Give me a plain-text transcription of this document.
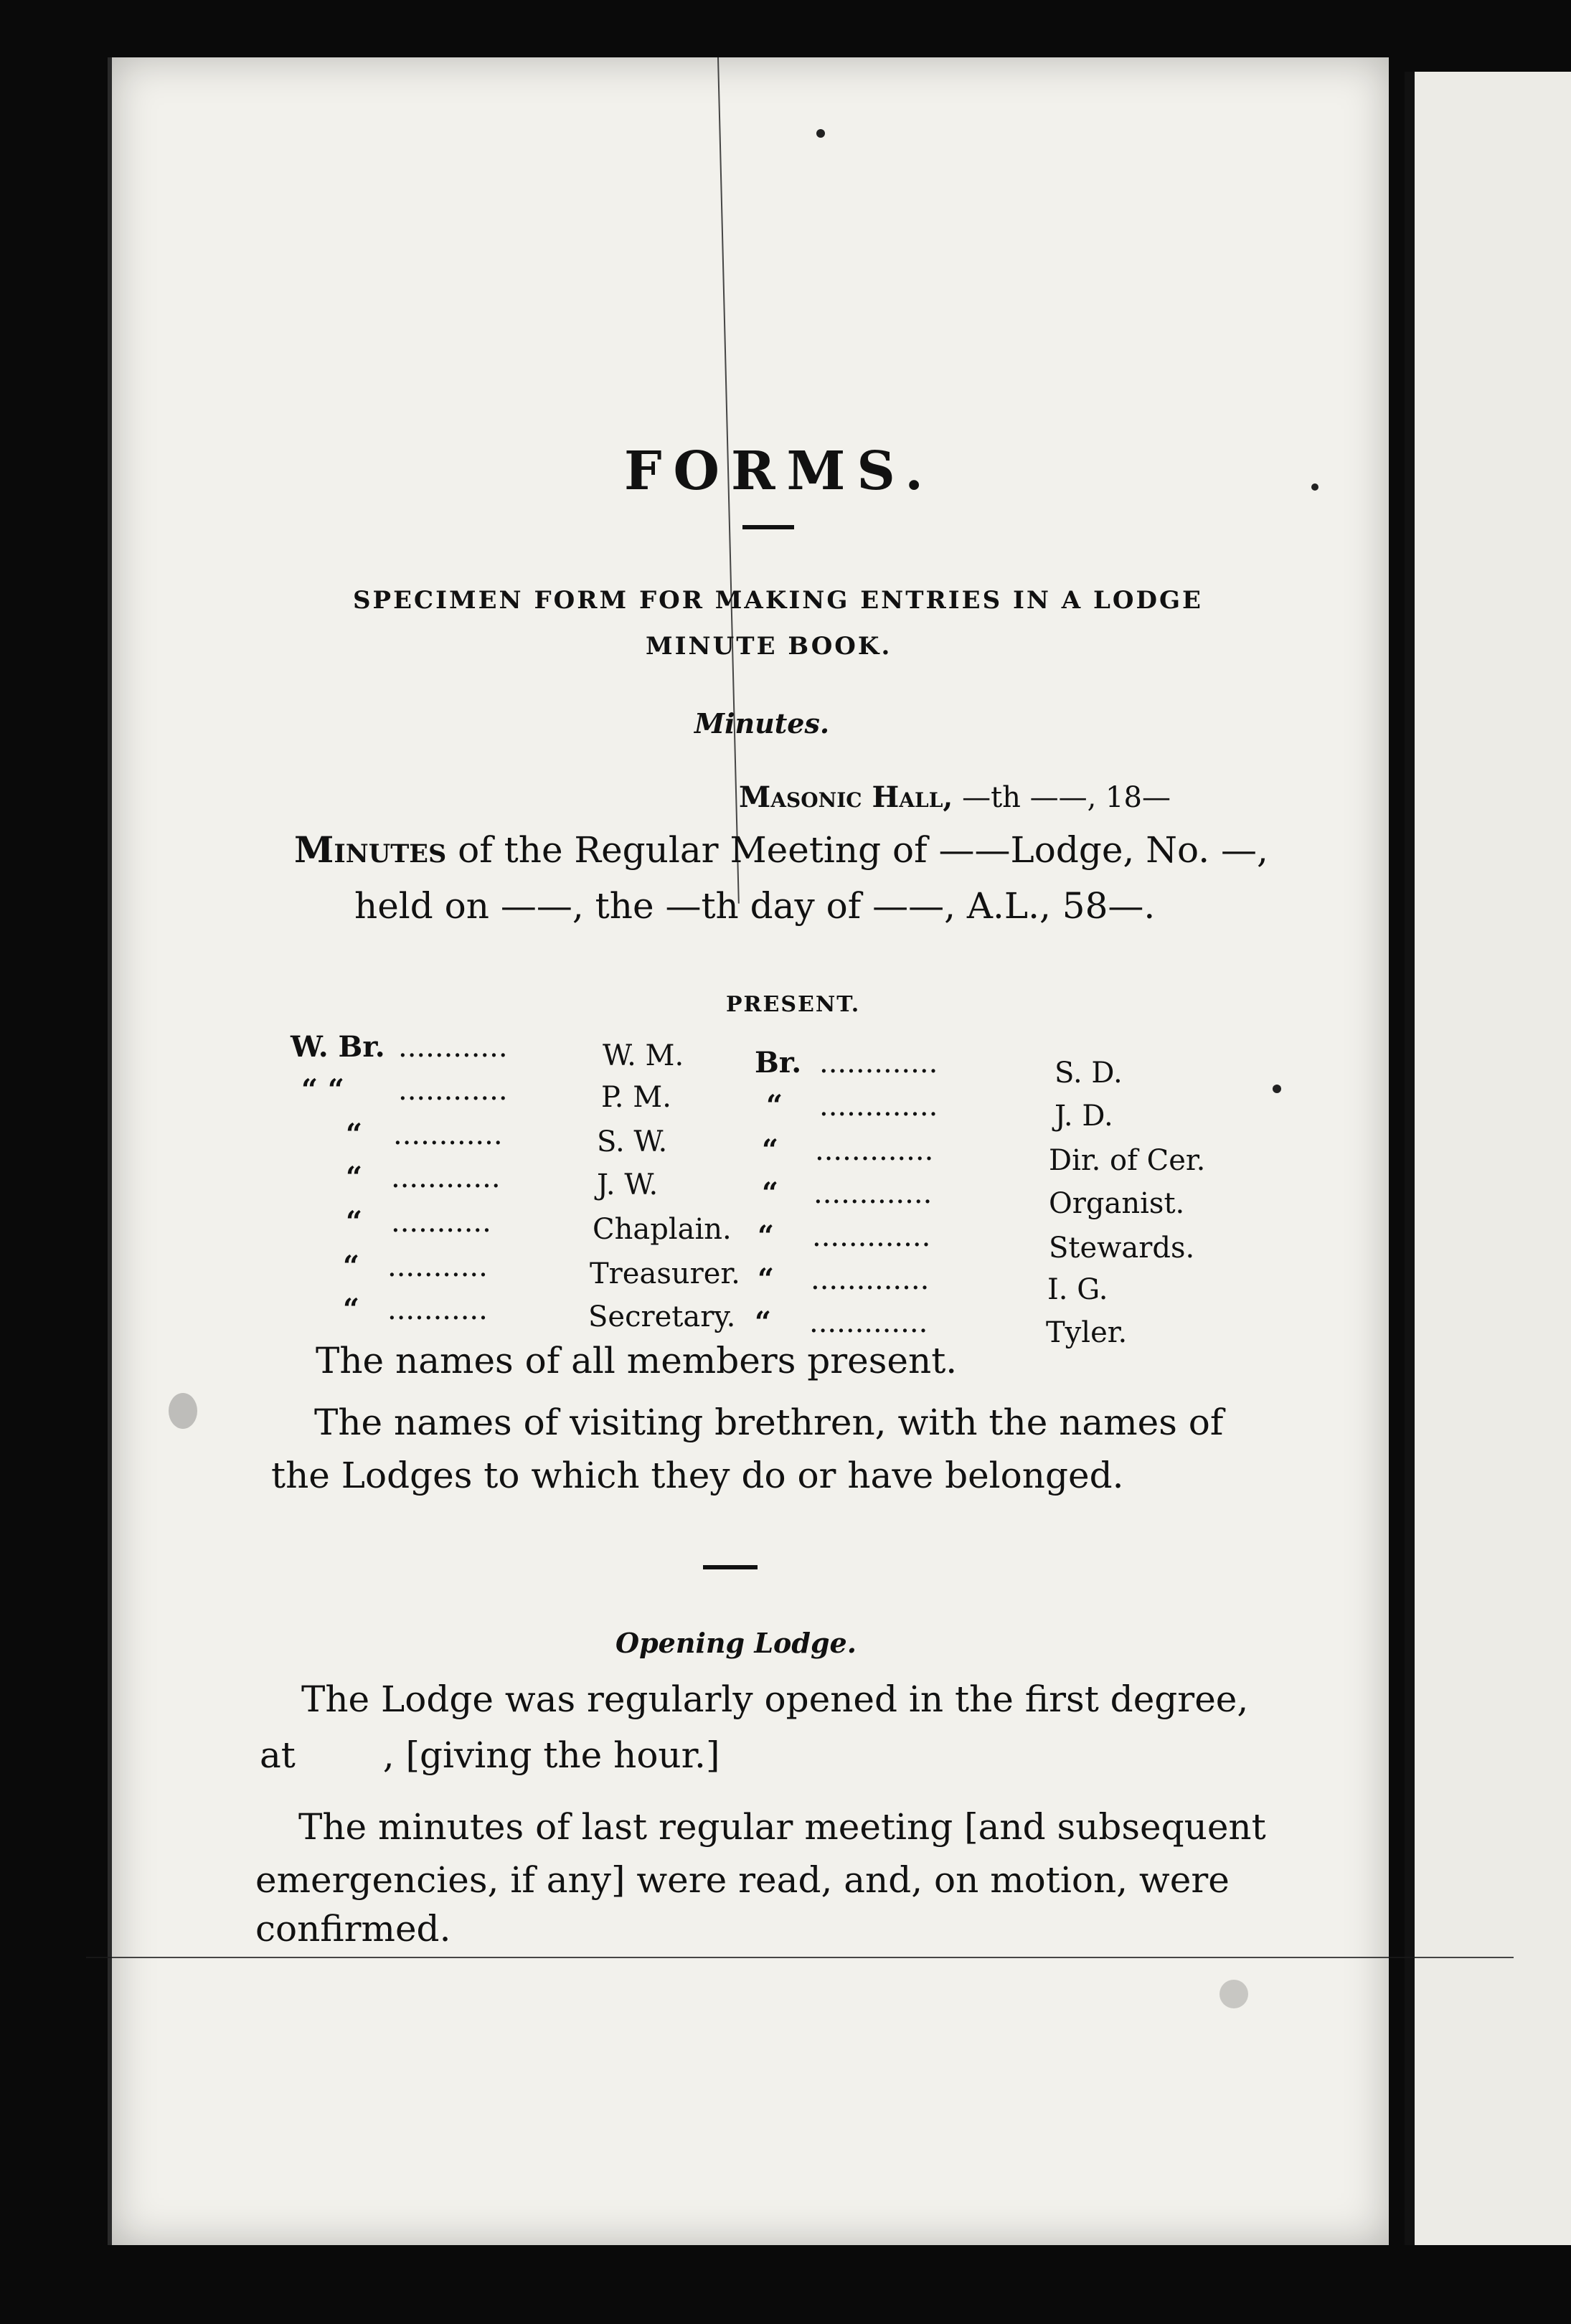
FORMS.
SPECIMEN FORM FOR MAKING ENTRIES IN A LODGE
MINUTE BOOK.
Minutes.
Masonic Hall, —th ——, 18—
Minutes of the Regular Meeting of ——Lodge, No. —,
held on ——, the —th day of ——, A.L., 58—.
PRESENT.
W. Br. ............	W. M.
“ “ ............	P. M.
“ ............	S. W.
“ ............	J. W.
“ ...........	Chaplain.
“ ...........	Treasurer.
“ ...........	Secretary.
Br. .............	S. D.
“ .............	J. D.
“ .............	Dir. of Cer.
“ .............	Organist.
“ .............	Stewards.
“ .............	I. G.
“ .............	Tyler.
The names of all members present.
The names of visiting brethren, with the names of
the Lodges to which they do or have belonged.
Opening Lodge.
The Lodge was regularly opened in the first degree,
at , [giving the hour.]
The minutes of last regular meeting [and subsequent
emergencies, if any] were read, and, on motion, were
confirmed.
